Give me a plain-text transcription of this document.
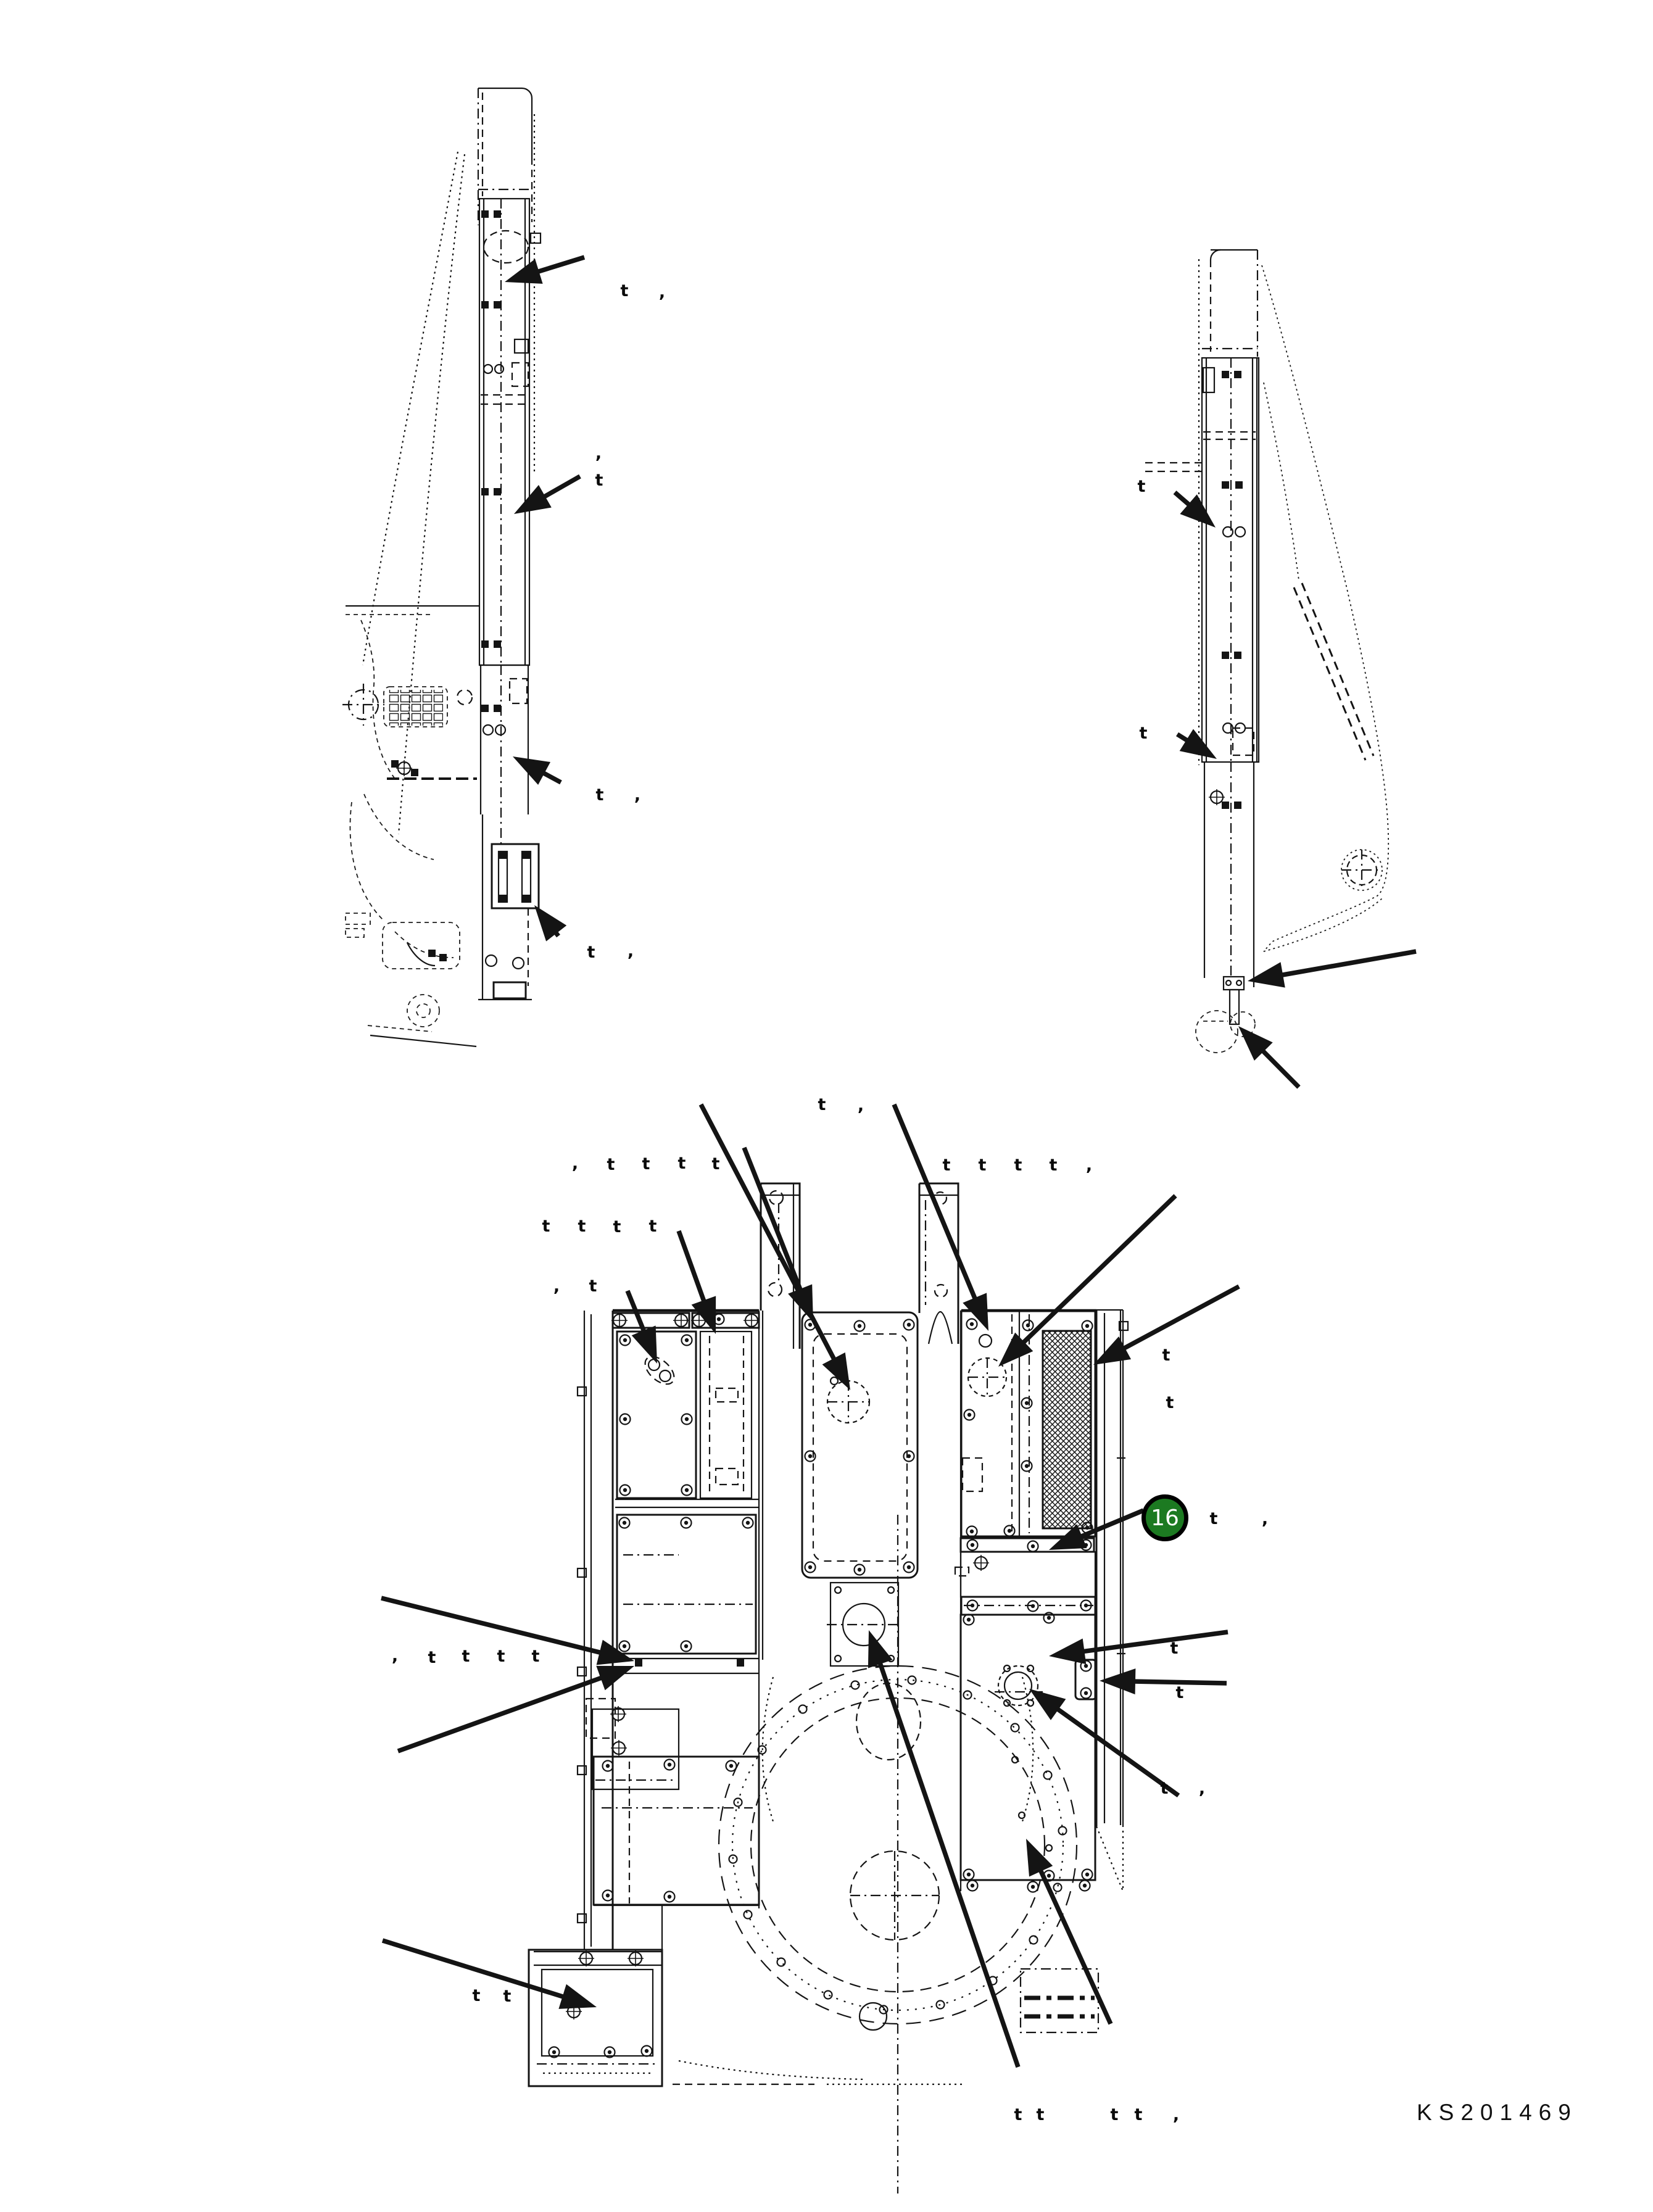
t ,
,
t
t ,
t ,
t
t
t ,
, t t t t	t t t t ,
t t t t
, t
t
t
t	,
t
t
t ,
, t t t t
t t
t t	t t ,
16
KS201469
